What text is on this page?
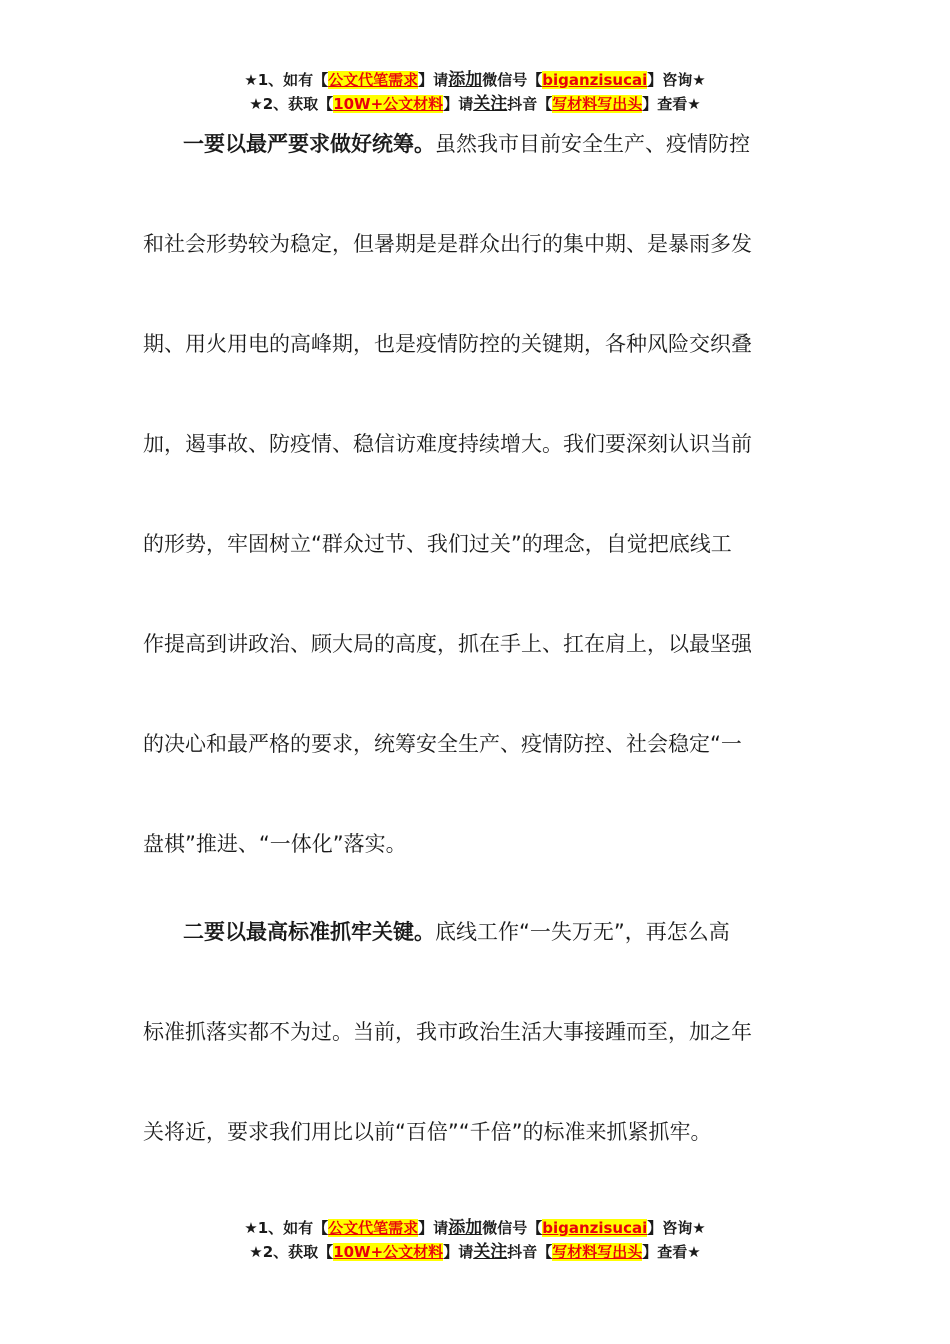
★1、如有【公文代笔需求】请添加微信号【biganzisucai】咨询★
★2、获取【10W+公文材料】请关注抖音【写材料写出头】查看★
一要以最严要求做好统筹。虽然我市目前安全生产、疫情防控
和社会形势较为稳定，但暑期是是群众出行的集中期、是暴雨多发
期、用火用电的高峰期，也是疫情防控的关键期，各种风险交织叠
加，遏事故、防疫情、稳信访难度持续增大。我们要深刻认识当前
的形势，牢固树立“群众过节、我们过关”的理念，自觉把底线工
作提高到讲政治、顾大局的高度，抓在手上、扛在肩上，以最坚强
的决心和最严格的要求，统筹安全生产、疫情防控、社会稳定“一
盘棋”推进、“一体化”落实。
二要以最高标准抓牢关键。底线工作“一失万无”，再怎么高
标准抓落实都不为过。当前，我市政治生活大事接踵而至，加之年
关将近，要求我们用比以前“百倍”“千倍”的标准来抓紧抓牢。
★1、如有【公文代笔需求】请添加微信号【biganzisucai】咨询★
★2、获取【10W+公文材料】请关注抖音【写材料写出头】查看★
